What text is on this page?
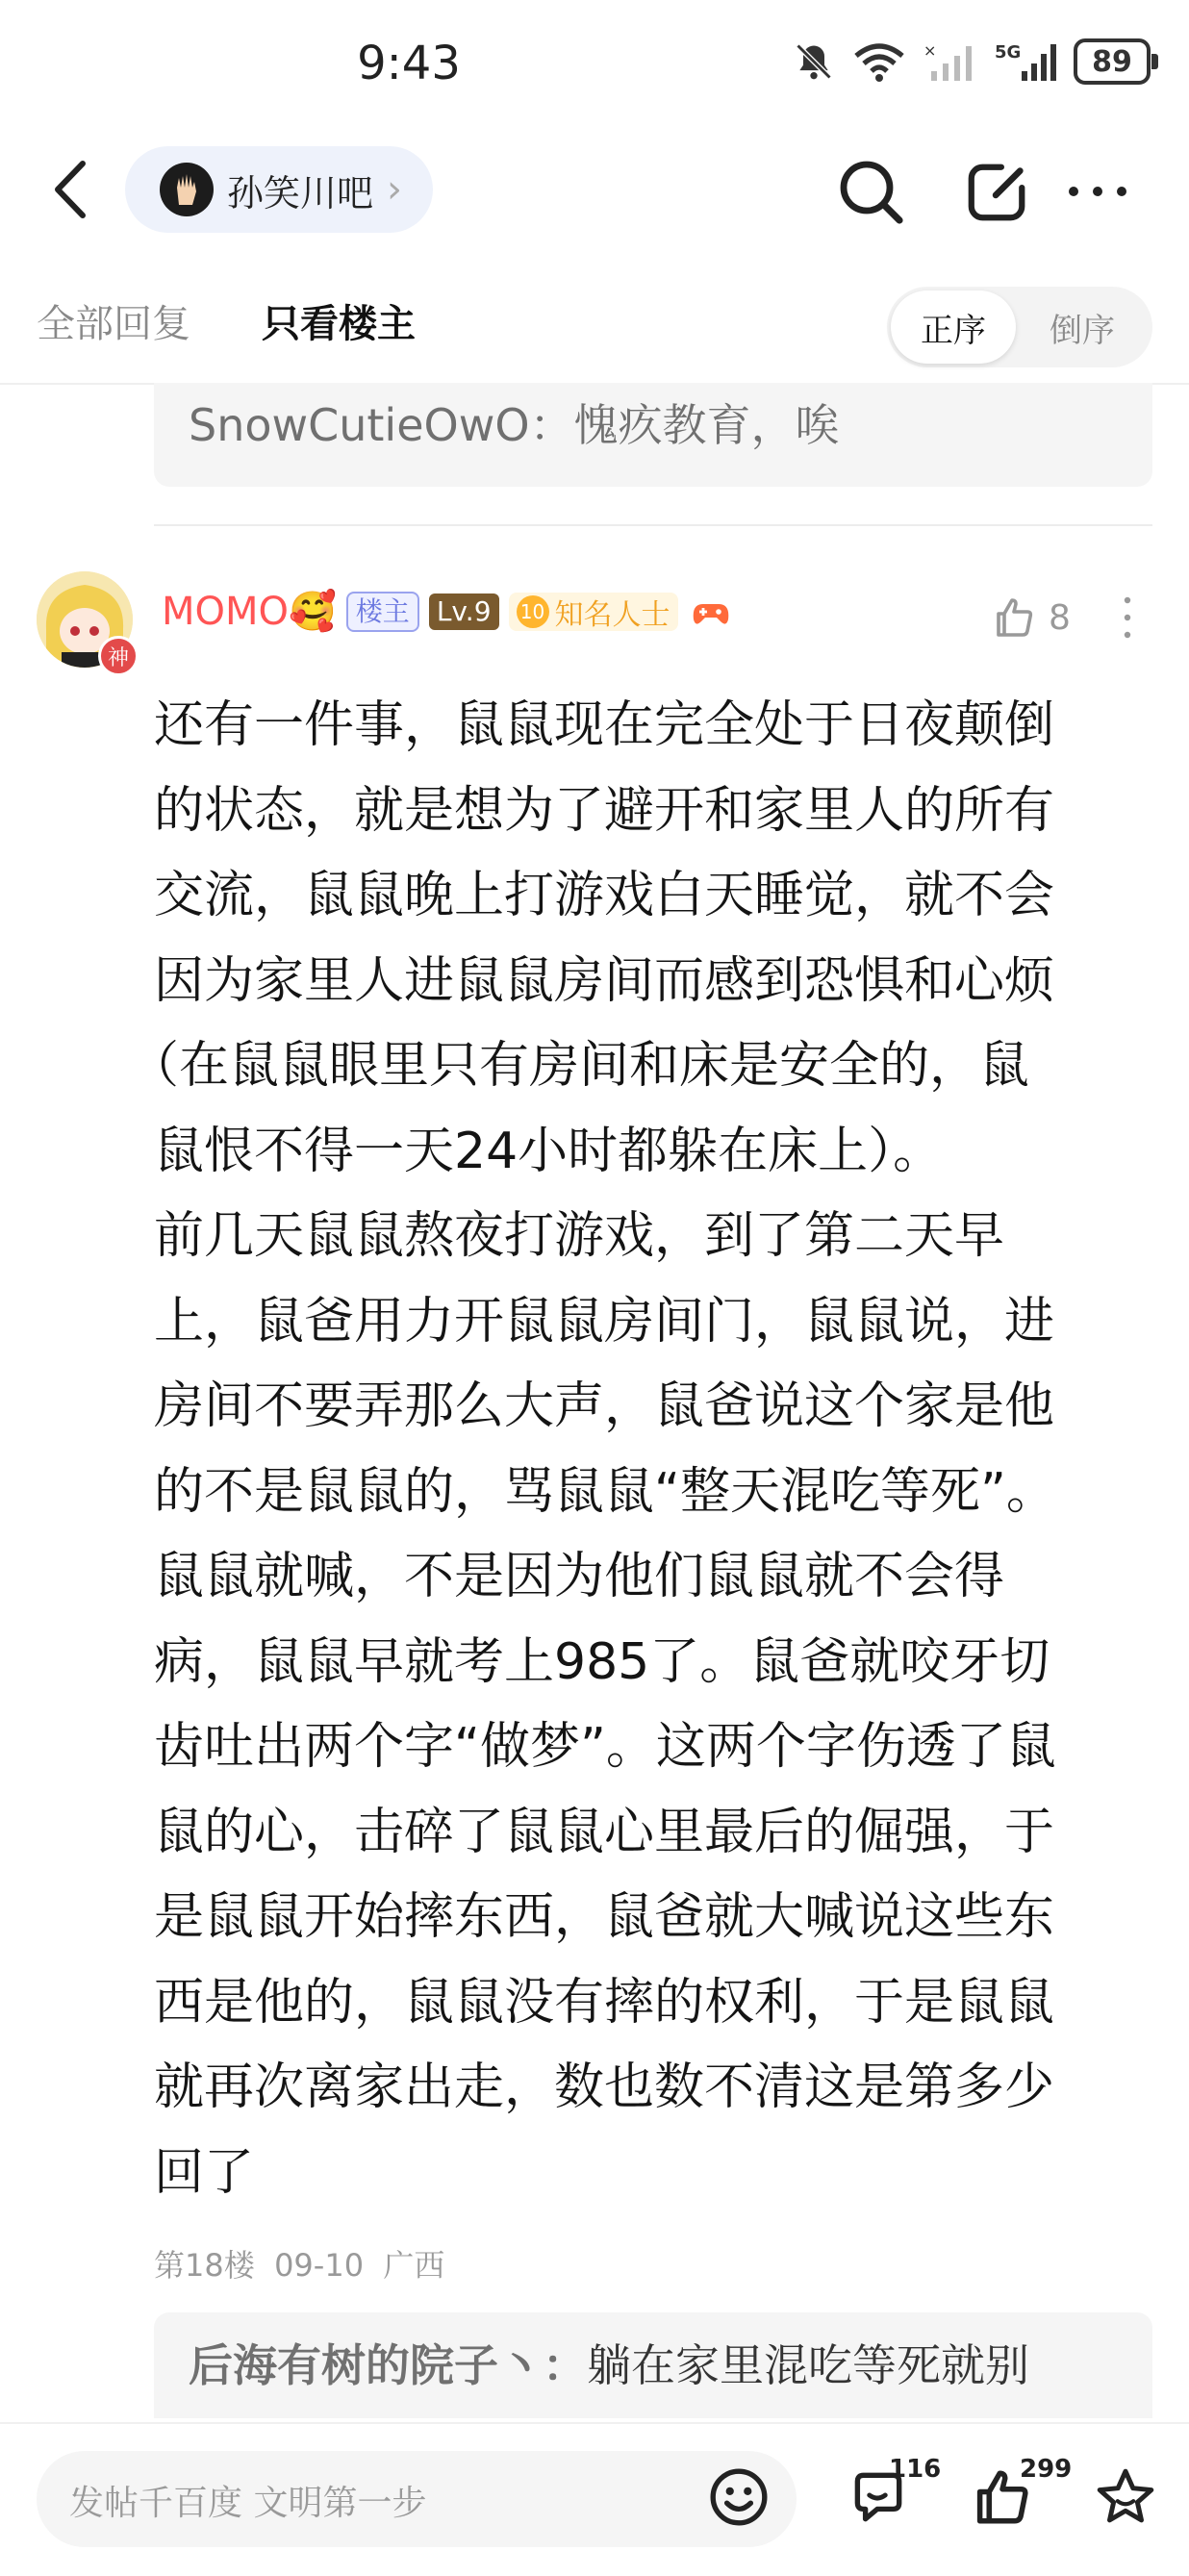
9:43	×	5G	89
孙笑川吧 ›
全部回复 只看楼主	正序	倒序
SnowCutieOwO：愧疚教育，唉
神
MOMO🥰 楼主	Lv.9	10 知名人士	8
还有一件事，鼠鼠现在完全处于日夜颠倒
的状态，就是想为了避开和家里人的所有
交流，鼠鼠晚上打游戏白天睡觉，就不会
因为家里人进鼠鼠房间而感到恐惧和心烦
（在鼠鼠眼里只有房间和床是安全的，鼠
鼠恨不得一天24小时都躲在床上）。
前几天鼠鼠熬夜打游戏，到了第二天早
上，鼠爸用力开鼠鼠房间门，鼠鼠说，进
房间不要弄那么大声，鼠爸说这个家是他
的不是鼠鼠的，骂鼠鼠“整天混吃等死”。
鼠鼠就喊，不是因为他们鼠鼠就不会得
病，鼠鼠早就考上985了。鼠爸就咬牙切
齿吐出两个字“做梦”。这两个字伤透了鼠
鼠的心，击碎了鼠鼠心里最后的倔强，于
是鼠鼠开始摔东西，鼠爸就大喊说这些东
西是他的，鼠鼠没有摔的权利，于是鼠鼠
就再次离家出走，数也数不清这是第多少
回了
第18楼  09-10  广西
后海有树的院子丶：躺在家里混吃等死就别
发帖千百度 文明第一步
116	299
